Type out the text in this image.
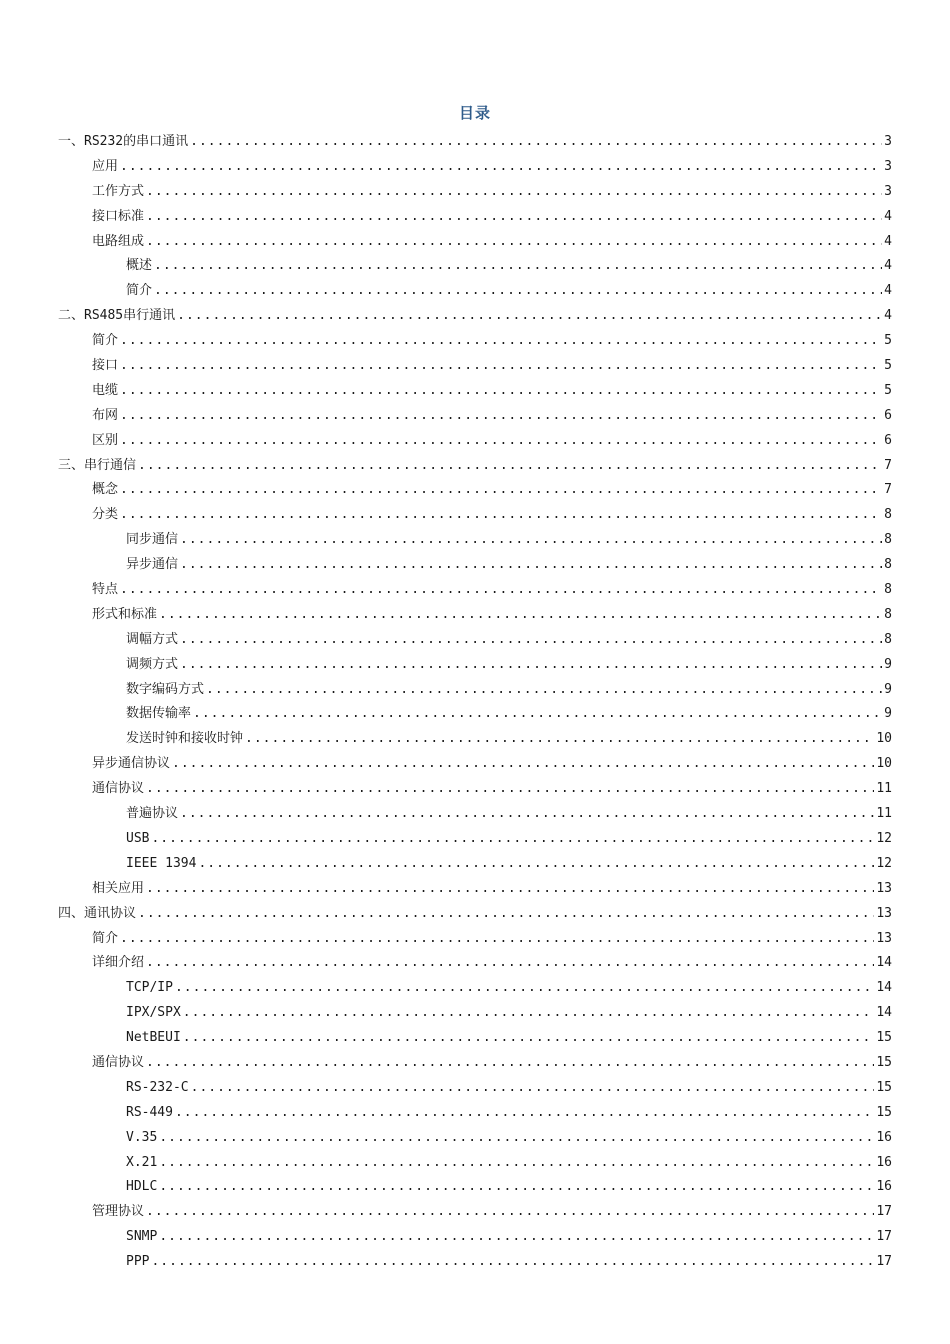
目录
一、RS232的串口通讯 .....	3
应用 .....	3
工作方式 .....	3
接口标准 .....	4
电路组成 .....	4
概述 .....	4
简介 .....	4
二、RS485串行通讯 .....	4
简介 .....	5
接口 .....	5
电缆 .....	5
布网 .....	6
区别 .....	6
三、串行通信 .....	7
概念 .....	7
分类 .....	8
同步通信 .....	8
异步通信 .....	8
特点 .....	8
形式和标准 .....	8
调幅方式 .....	8
调频方式 .....	9
数字编码方式 .....	9
数据传输率 .....	9
发送时钟和接收时钟 .....	10
异步通信协议 .....	10
通信协议 .....	11
普遍协议 .....	11
USB .....	12
IEEE 1394 .....	12
相关应用 .....	13
四、通讯协议 .....	13
简介 .....	13
详细介绍 .....	14
TCP/IP .....	14
IPX/SPX .....	14
NetBEUI .....	15
通信协议 .....	15
RS-232-C .....	15
RS-449 .....	15
V.35 .....	16
X.21 .....	16
HDLC .....	16
管理协议 .....	17
SNMP .....	17
PPP .....	17
